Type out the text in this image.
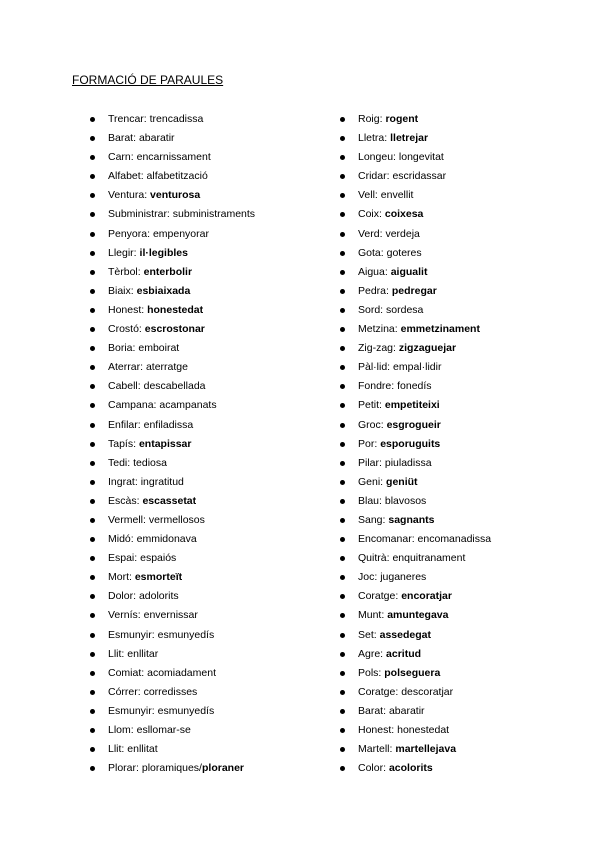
FORMACIÓ DE PARAULES
Trencar: trencadissa
Barat: abaratir
Carn: encarnissament
Alfabet: alfabetització
Ventura: venturosa
Subministrar: subministraments
Penyora: empenyorar
Llegir: il·legibles
Tèrbol: enterbolir
Biaix: esbiaixada
Honest: honestedat
Crostó: escrostonar
Boria: emboirat
Aterrar: aterratge
Cabell: descabellada
Campana: acampanats
Enfilar: enfiladissa
Tapís: entapissar
Tedi: tediosa
Ingrat: ingratitud
Escàs: escassetat
Vermell: vermellosos
Midó: emmidonava
Espai: espaiós
Mort: esmorteït
Dolor: adolorits
Vernís: envernissar
Esmunyir: esmunyedís
Llit: enllitar
Comiat: acomiadament
Córrer: corredisses
Esmunyir: esmunyedís
Llom: esllomar-se
Llit: enllitat
Plorar: ploramiques/ploraner
Roig: rogent
Lletra: lletrejar
Longeu: longevitat
Cridar: escridassar
Vell: envellit
Coix: coixesa
Verd: verdeja
Gota: goteres
Aigua: aigualit
Pedra: pedregar
Sord: sordesa
Metzina: emmetzinament
Zig-zag: zigzaguejar
Pàl·lid: empal·lidir
Fondre: fonedís
Petit: empetiteixi
Groc: esgrogueir
Por: esporuguits
Pilar: piuladissa
Geni: geniüt
Blau: blavosos
Sang: sagnants
Encomanar: encomanadissa
Quitrà: enquitranament
Joc: juganeres
Coratge: encoratjar
Munt: amuntegava
Set: assedegat
Agre: acritud
Pols: polseguera
Coratge: descoratjar
Barat: abaratir
Honest: honestedat
Martell: martellejava
Color: acolorits
